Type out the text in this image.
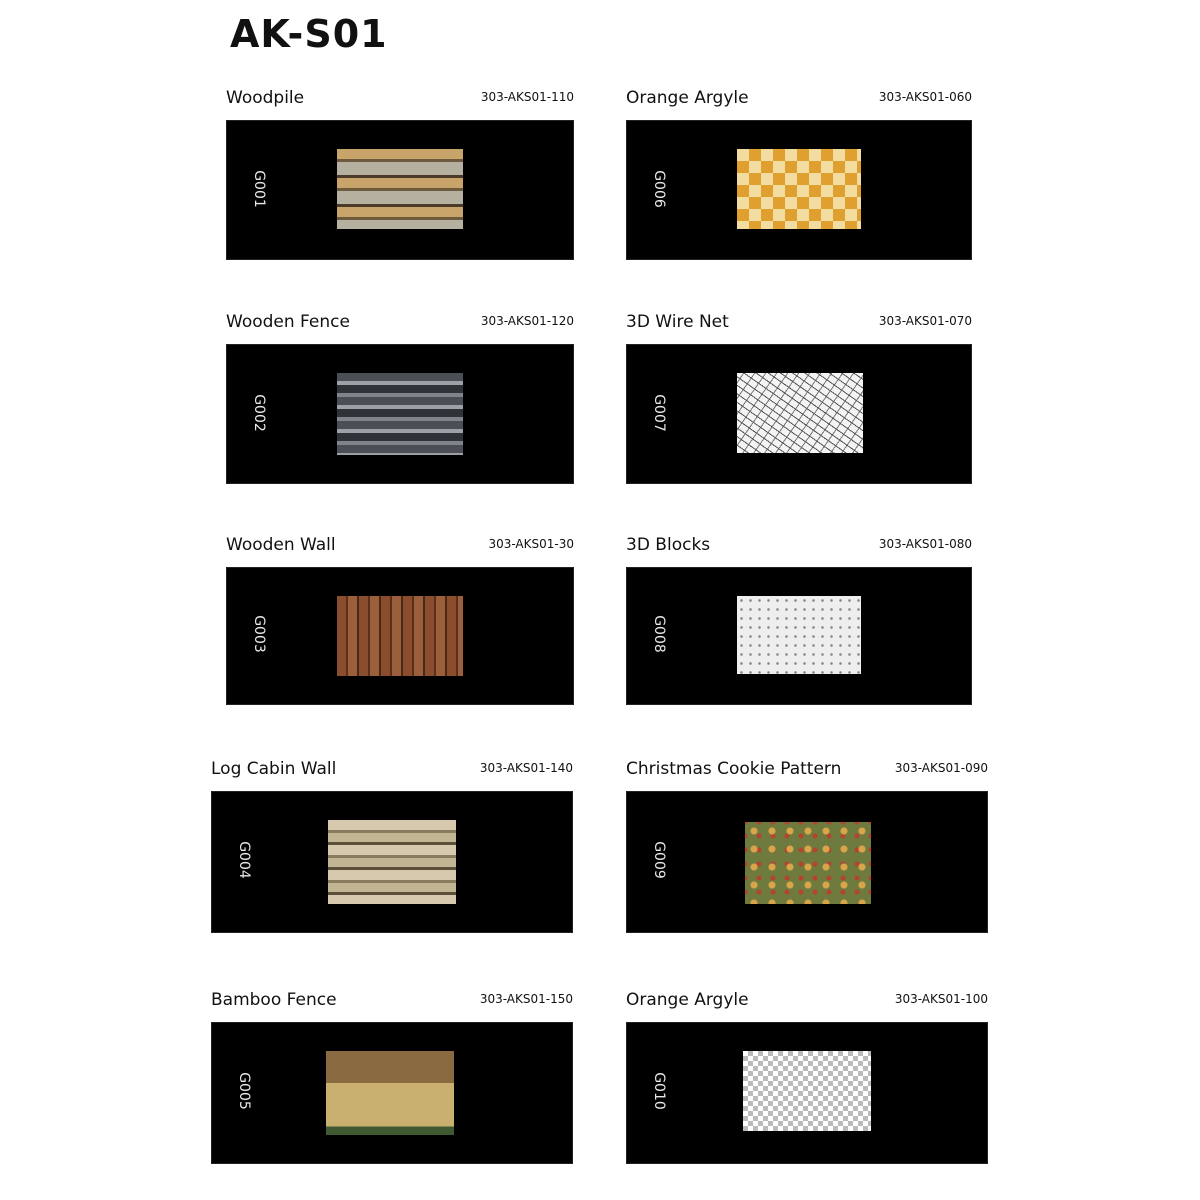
AK-S01
Woodpile	303-AKS01-110
G001
Orange Argyle	303-AKS01-060
G006
Wooden Fence	303-AKS01-120
G002
3D Wire Net	303-AKS01-070
G007
Wooden Wall	303-AKS01-30
G003
3D Blocks	303-AKS01-080
G008
Log Cabin Wall	303-AKS01-140
G004
Christmas Cookie Pattern	303-AKS01-090
G009
Bamboo Fence	303-AKS01-150
G005
Orange Argyle	303-AKS01-100
G010
